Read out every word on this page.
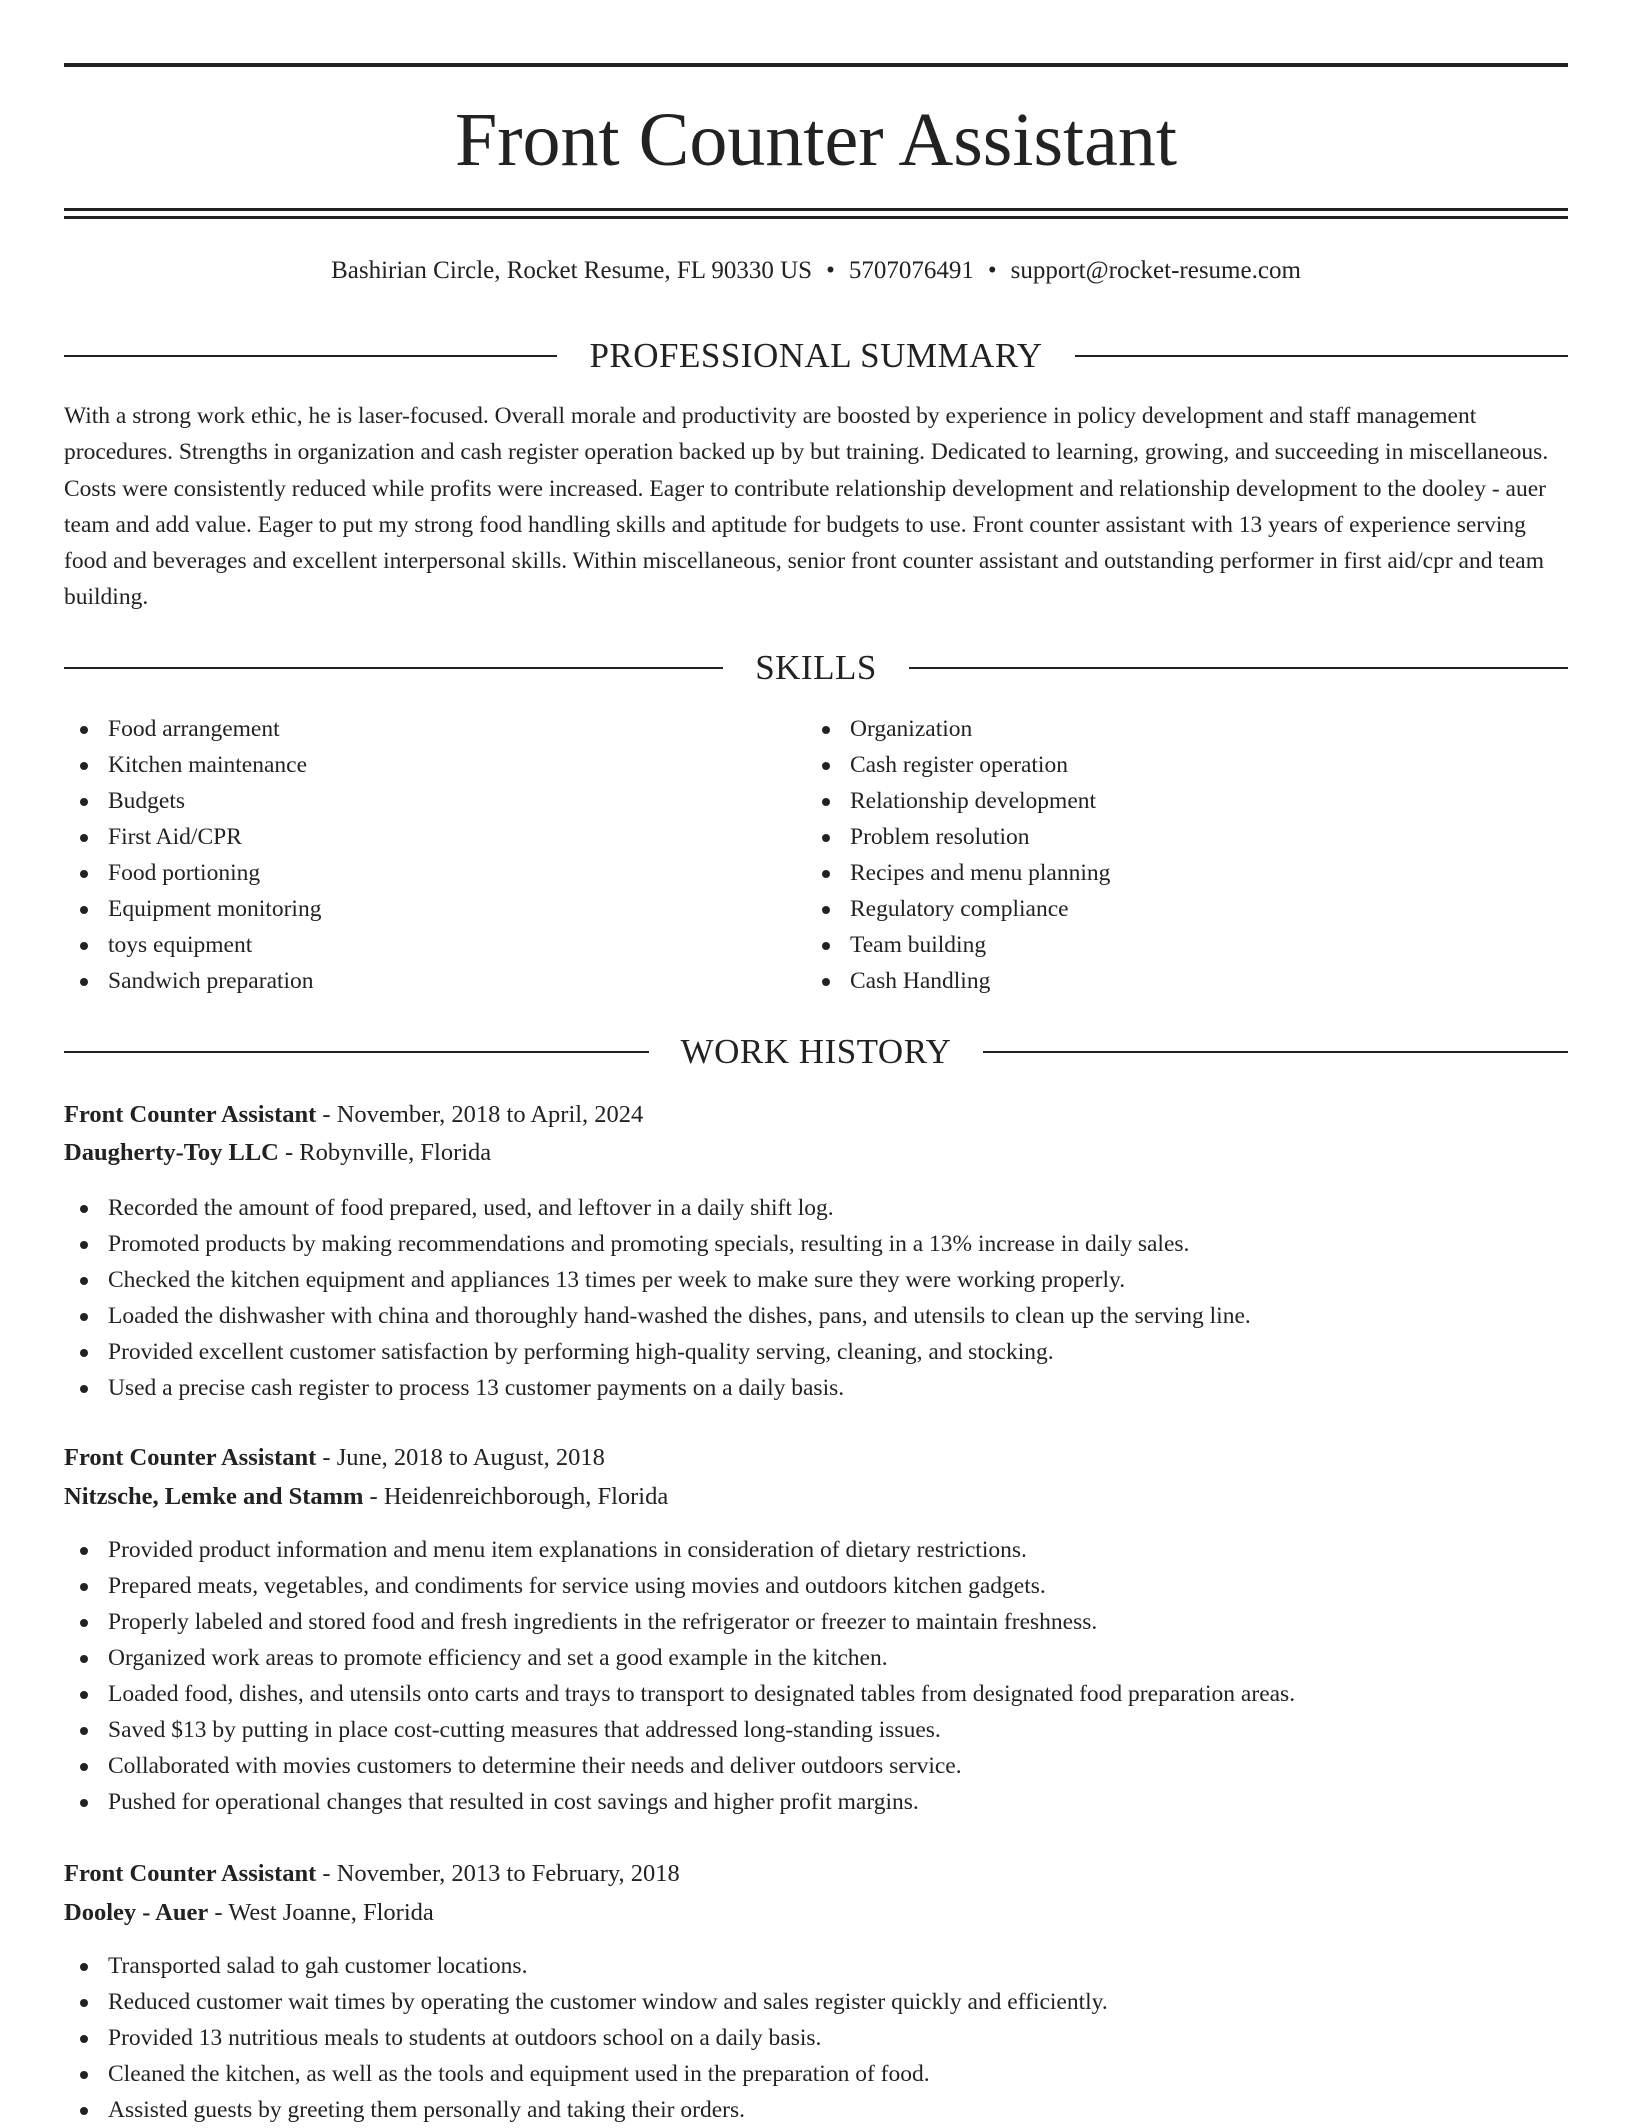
Front Counter Assistant
Bashirian Circle, Rocket Resume, FL 90330 US • 5707076491 • support@rocket-resume.com
PROFESSIONAL SUMMARY

With a strong work ethic, he is laser-focused. Overall morale and productivity are boosted by experience in policy development and staff management procedures. Strengths in organization and cash register operation backed up by but training. Dedicated to learning, growing, and succeeding in miscellaneous. Costs were consistently reduced while profits were increased. Eager to contribute relationship development and relationship development to the dooley - auer team and add value. Eager to put my strong food handling skills and aptitude for budgets to use. Front counter assistant with 13 years of experience serving food and beverages and excellent interpersonal skills. Within miscellaneous, senior front counter assistant and outstanding performer in first aid/cpr and team building.

SKILLS
Food arrangement
Kitchen maintenance
Budgets
First Aid/CPR
Food portioning
Equipment monitoring
toys equipment
Sandwich preparation
Organization
Cash register operation
Relationship development
Problem resolution
Recipes and menu planning
Regulatory compliance
Team building
Cash Handling
WORK HISTORY
Front Counter Assistant - November, 2018 to April, 2024
Daugherty-Toy LLC - Robynville, Florida
Recorded the amount of food prepared, used, and leftover in a daily shift log.
Promoted products by making recommendations and promoting specials, resulting in a 13% increase in daily sales.
Checked the kitchen equipment and appliances 13 times per week to make sure they were working properly.
Loaded the dishwasher with china and thoroughly hand-washed the dishes, pans, and utensils to clean up the serving line.
Provided excellent customer satisfaction by performing high-quality serving, cleaning, and stocking.
Used a precise cash register to process 13 customer payments on a daily basis.
Front Counter Assistant - June, 2018 to August, 2018
Nitzsche, Lemke and Stamm - Heidenreichborough, Florida
Provided product information and menu item explanations in consideration of dietary restrictions.
Prepared meats, vegetables, and condiments for service using movies and outdoors kitchen gadgets.
Properly labeled and stored food and fresh ingredients in the refrigerator or freezer to maintain freshness.
Organized work areas to promote efficiency and set a good example in the kitchen.
Loaded food, dishes, and utensils onto carts and trays to transport to designated tables from designated food preparation areas.
Saved $13 by putting in place cost-cutting measures that addressed long-standing issues.
Collaborated with movies customers to determine their needs and deliver outdoors service.
Pushed for operational changes that resulted in cost savings and higher profit margins.
Front Counter Assistant - November, 2013 to February, 2018
Dooley - Auer - West Joanne, Florida
Transported salad to gah customer locations.
Reduced customer wait times by operating the customer window and sales register quickly and efficiently.
Provided 13 nutritious meals to students at outdoors school on a daily basis.
Cleaned the kitchen, as well as the tools and equipment used in the preparation of food.
Assisted guests by greeting them personally and taking their orders.
